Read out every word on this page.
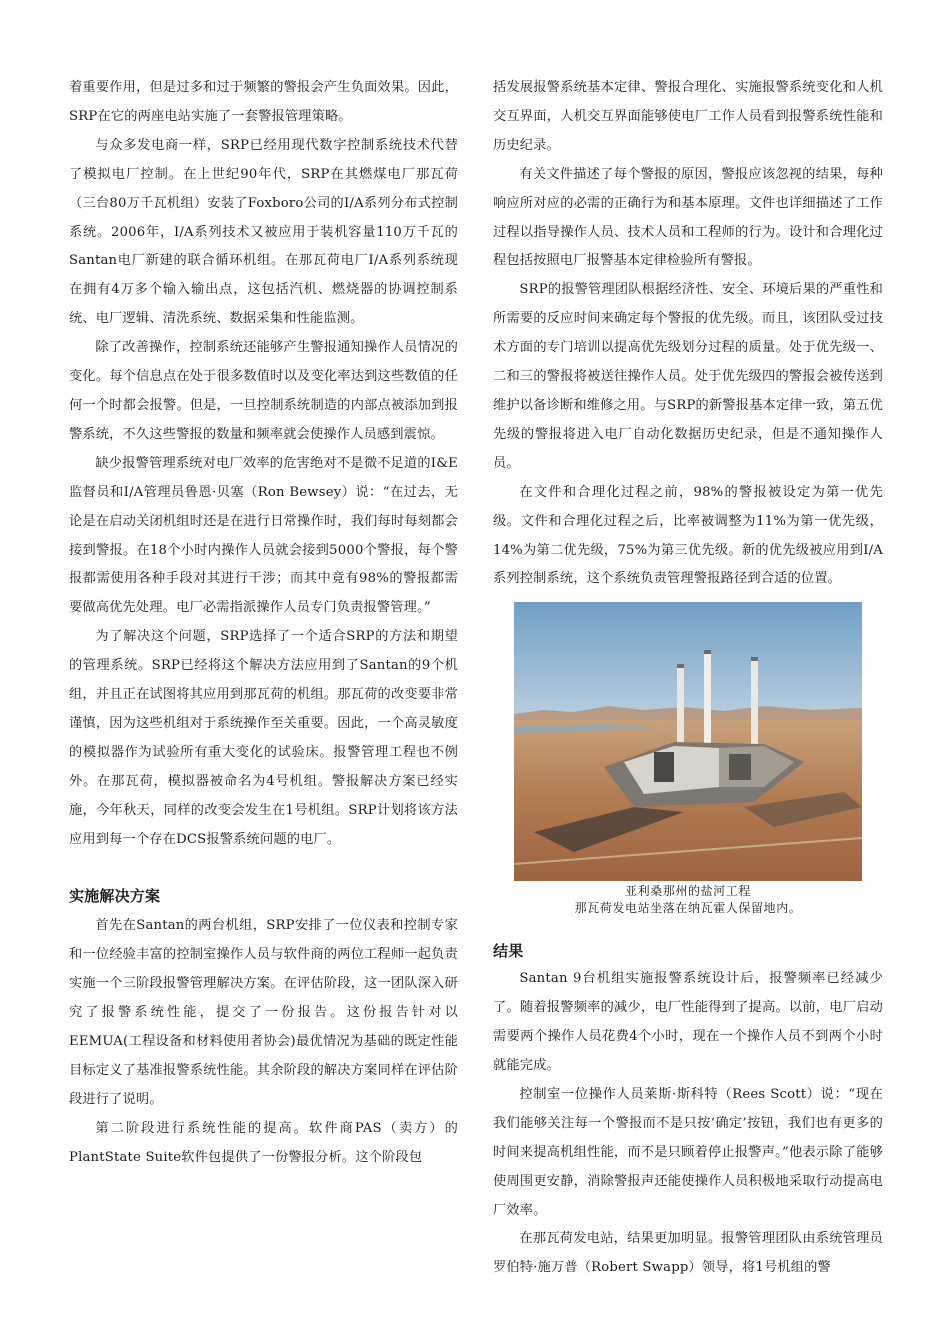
着重要作用，但是过多和过于频繁的警报会产生负面效果。因此，SRP在它的两座电站实施了一套警报管理策略。

与众多发电商一样，SRP已经用现代数字控制系统技术代替了模拟电厂控制。在上世纪90年代，SRP在其燃煤电厂那瓦荷（三台80万千瓦机组）安装了Foxboro公司的I/A系列分布式控制系统。2006年，I/A系列技术又被应用于装机容量110万千瓦的Santan电厂新建的联合循环机组。在那瓦荷电厂I/A系列系统现在拥有4万多个输入输出点，这包括汽机、燃烧器的协调控制系统、电厂逻辑、清洗系统、数据采集和性能监测。

除了改善操作，控制系统还能够产生警报通知操作人员情况的变化。每个信息点在处于很多数值时以及变化率达到这些数值的任何一个时都会报警。但是，一旦控制系统制造的内部点被添加到报警系统，不久这些警报的数量和频率就会使操作人员感到震惊。

缺少报警管理系统对电厂效率的危害绝对不是微不足道的I&E监督员和I/A管理员鲁恩·贝塞（Ron Bewsey）说：“在过去，无论是在启动关闭机组时还是在进行日常操作时，我们每时每刻都会接到警报。在18个小时内操作人员就会接到5000个警报，每个警报都需使用各种手段对其进行干涉；而其中竟有98%的警报都需要做高优先处理。电厂必需指派操作人员专门负责报警管理。”

为了解决这个问题，SRP选择了一个适合SRP的方法和期望的管理系统。SRP已经将这个解决方法应用到了Santan的9个机组，并且正在试图将其应用到那瓦荷的机组。那瓦荷的改变要非常谨慎，因为这些机组对于系统操作至关重要。因此，一个高灵敏度的模拟器作为试验所有重大变化的试验床。报警管理工程也不例外。在那瓦荷，模拟器被命名为4号机组。警报解决方案已经实施，今年秋天，同样的改变会发生在1号机组。SRP计划将该方法应用到每一个存在DCS报警系统问题的电厂。

实施解决方案

首先在Santan的两台机组，SRP安排了一位仪表和控制专家和一位经验丰富的控制室操作人员与软件商的两位工程师一起负责实施一个三阶段报警管理解决方案。在评估阶段，这一团队深入研究了报警系统性能，提交了一份报告。这份报告针对以EEMUA(工程设备和材料使用者协会)最优情况为基础的既定性能目标定义了基准报警系统性能。其余阶段的解决方案同样在评估阶段进行了说明。

第二阶段进行系统性能的提高。软件商PAS（卖方）的PlantState Suite软件包提供了一份警报分析。这个阶段包

括发展报警系统基本定律、警报合理化、实施报警系统变化和人机交互界面，人机交互界面能够使电厂工作人员看到报警系统性能和历史纪录。

有关文件描述了每个警报的原因，警报应该忽视的结果，每种响应所对应的必需的正确行为和基本原理。文件也详细描述了工作过程以指导操作人员、技术人员和工程师的行为。设计和合理化过程包括按照电厂报警基本定律检验所有警报。

SRP的报警管理团队根据经济性、安全、环境后果的严重性和所需要的反应时间来确定每个警报的优先级。而且，该团队受过技术方面的专门培训以提高优先级划分过程的质量。处于优先级一、二和三的警报将被送往操作人员。处于优先级四的警报会被传送到维护以备诊断和维修之用。与SRP的新警报基本定律一致，第五优先级的警报将进入电厂自动化数据历史纪录，但是不通知操作人员。

在文件和合理化过程之前，98%的警报被设定为第一优先级。文件和合理化过程之后，比率被调整为11%为第一优先级，14%为第二优先级，75%为第三优先级。新的优先级被应用到I/A系列控制系统，这个系统负责管理警报路径到合适的位置。

亚利桑那州的盐河工程
那瓦荷发电站坐落在纳瓦霍人保留地内。
结果

Santan 9台机组实施报警系统设计后，报警频率已经减少了。随着报警频率的减少，电厂性能得到了提高。以前，电厂启动需要两个操作人员花费4个小时，现在一个操作人员不到两个小时就能完成。

控制室一位操作人员莱斯·斯科特（Rees Scott）说：“现在我们能够关注每一个警报而不是只按‘确定’按钮，我们也有更多的时间来提高机组性能，而不是只顾着停止报警声。”他表示除了能够使周围更安静，消除警报声还能使操作人员积极地采取行动提高电厂效率。

在那瓦荷发电站，结果更加明显。报警管理团队由系统管理员罗伯特·施万普（Robert Swapp）领导，将1号机组的警
